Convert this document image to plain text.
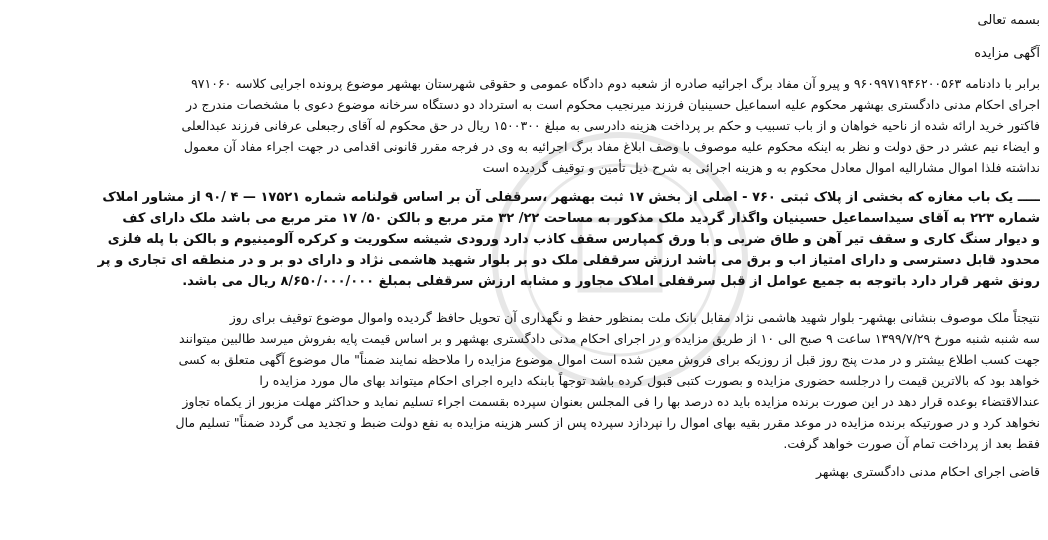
بسمه تعالی
آگهی مزایده
برابر با دادنامه ۹۶۰۹۹۷۱۹۴۶۲۰۰۵۶۳ و پیرو آن مفاد برگ اجرائیه صادره از شعبه دوم دادگاه عمومی و حقوقی شهرستان بهشهر موضوع پرونده اجرایی کلاسه ۹۷۱۰۶۰
اجرای احکام مدنی دادگستری بهشهر محکوم علیه اسماعیل حسینیان فرزند میرنجیب محکوم است به استرداد دو دستگاه سرخانه موضوع دعوی با مشخصات مندرج در
فاکتور خرید ارائه شده از ناحیه خواهان و از باب تسبیب و حکم بر پرداخت هزینه دادرسی به مبلغ ۱۵۰۰۳۰۰ ریال در حق محکوم له آقای رجبعلی عرفانی فرزند عبدالعلی
و ایضاء نیم عشر در حق دولت و نظر به اینکه محکوم علیه موصوف با وصف ابلاغ مفاد برگ اجرائیه به وی در فرجه مقرر قانونی اقدامی در جهت اجراء مفاد آن معمول
نداشته فلذا اموال مشارالیه اموال معادل محکوم به و هزینه اجرائی به شرح ذیل تأمین و توقیف گردیده است
ـــــ یک باب مغازه که بخشی از پلاک ثبتی ۷۶۰ - اصلی از بخش ۱۷ ثبت بهشهر ،سرقفلی آن بر اساس قولنامه شماره ۱۷۵۲۱ — ۴ /۹۰ از مشاور املاک
شماره ۲۲۳ به آقای سیداسماعیل حسینیان واگذار گردید ملک مذکور به مساحت ۲۲/ ۳۲ متر مربع و بالکن ۵۰/ ۱۷ متر مربع می باشد ملک دارای کف
و دیوار سنگ کاری و سقف تیر آهن و طاق ضربی و با ورق کمپارس سقف کاذب دارد ورودی شیشه سکوریت و کرکره آلومینیوم و بالکن با پله فلزی
محدود قابل دسترسی و دارای امتیاز اب و برق می باشد ارزش سرقفلی ملک دو بر بلوار شهید هاشمی نژاد و دارای دو بر و در منطقه ای تجاری و پر
رونق شهر قرار دارد باتوجه به جمیع عوامل از قبل سرقفلی املاک مجاور و مشابه ارزش سرقفلی بمبلغ ۸/۶۵۰/۰۰۰/۰۰۰ ریال می باشد.
نتیجتاً ملک موصوف بنشانی بهشهر- بلوار شهید هاشمی نژاد مقابل بانک ملت بمنظور حفظ و نگهداری آن تحویل حافظ گردیده واموال موضوع توقیف برای روز
سه شنبه شنبه مورخ ۱۳۹۹/۷/۲۹ ساعت ۹ صبح الی ۱۰ از طریق مزایده و در اجرای احکام مدنی دادگستری بهشهر و بر اساس قیمت پایه بفروش میرسد طالبین میتوانند
جهت کسب اطلاع بیشتر و در مدت پنج روز قبل از روزیکه برای فروش معین شده است اموال موضوع مزایده را ملاحظه نمایند ضمناً" مال موضوع آگهی متعلق به کسی
خواهد بود که بالاترین قیمت را درجلسه حضوری مزایده و بصورت کتبی قبول کرده باشد توجهاً بابنکه دایره اجرای احکام میتواند بهای مال مورد مزایده را
عندالاقتضاء بوعده قرار دهد در این صورت برنده مزایده باید ده درصد بها را فی المجلس بعنوان سپرده بقسمت اجراء تسلیم نماید و حداکثر مهلت مزبور از یکماه تجاوز
نخواهد کرد و در صورتیکه برنده مزایده در موعد مقرر بقیه بهای اموال را نپردازد سپرده پس از کسر هزینه مزایده به نفع دولت ضبط و تجدید می گردد ضمناً" تسلیم مال
فقط بعد از پرداخت تمام آن صورت خواهد گرفت.
قاضی اجرای احکام مدنی دادگستری بهشهر
